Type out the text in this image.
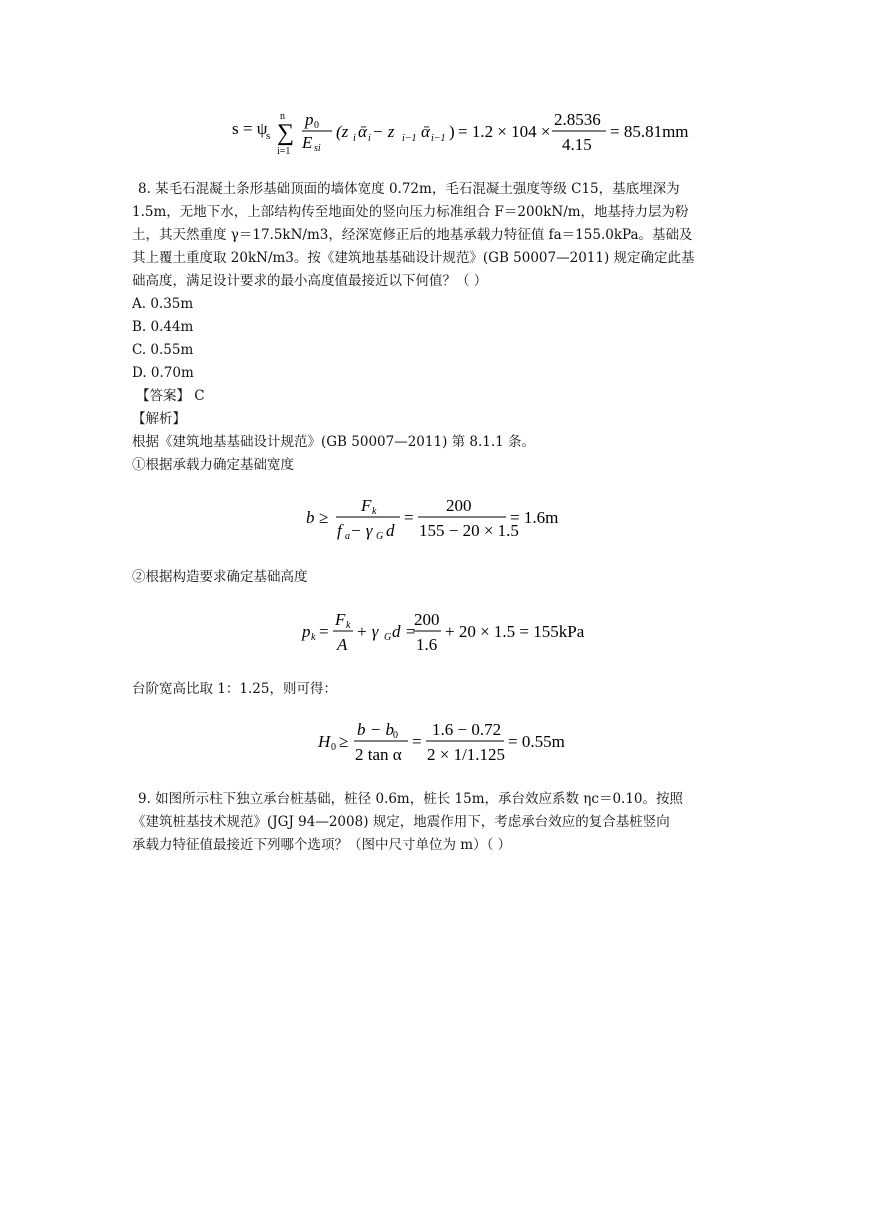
s = ψ
s
n
∑
i=1
p 0
E si
(z i ᾱ i − z i−1 ᾱ i−1 ) = 1.2 × 104 ×
2.8536
4.15
= 85.81mm
8. 某毛石混凝土条形基础顶面的墙体宽度 0.72m，毛石混凝土强度等级 C15，基底埋深为
1.5m，无地下水，上部结构传至地面处的竖向压力标准组合 F＝200kN/m，地基持力层为粉
土，其天然重度 γ＝17.5kN/m3，经深宽修正后的地基承载力特征值 fa＝155.0kPa。基础及
其上覆土重度取 20kN/m3。按《建筑地基基础设计规范》(GB 50007—2011) 规定确定此基
础高度，满足设计要求的最小高度值最接近以下何值？（ ）
A. 0.35m
B. 0.44m
C. 0.55m
D. 0.70m
【答案】 C
【解析】
根据《建筑地基基础设计规范》(GB 50007—2011) 第 8.1.1 条。
①根据承载力确定基础宽度
b ≥
F k
f a − γ G d
=
200
155 − 20 × 1.5
= 1.6m
②根据构造要求确定基础高度
p k =
F k
A
+ γ G d =
200
1.6
+ 20 × 1.5 = 155kPa
台阶宽高比取 1：1.25，则可得：
H 0 ≥
b − b 0
2 tan α
=
1.6 − 0.72
2 × 1/1.125
= 0.55m
9. 如图所示柱下独立承台桩基础，桩径 0.6m，桩长 15m，承台效应系数 ηc＝0.10。按照
《建筑桩基技术规范》(JGJ 94—2008) 规定，地震作用下，考虑承台效应的复合基桩竖向
承载力特征值最接近下列哪个选项？（图中尺寸单位为 m）（ ）
